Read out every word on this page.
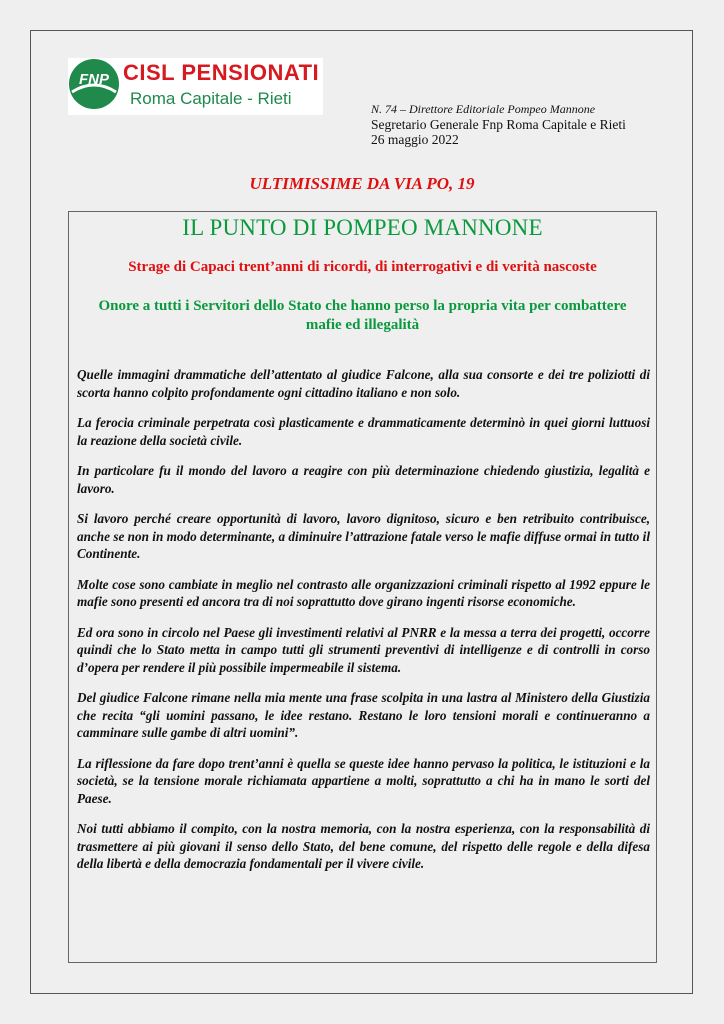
FNP CISL PENSIONATI
Roma Capitale - Rieti
N. 74 – Direttore Editoriale Pompeo Mannone
Segretario Generale Fnp Roma Capitale e Rieti
26 maggio 2022
ULTIMISSIME DA VIA PO, 19
IL PUNTO DI POMPEO MANNONE
Strage di Capaci trent’anni di ricordi, di interrogativi e di verità nascoste
Onore a tutti i Servitori dello Stato che hanno perso la propria vita per combattere mafie ed illegalità

Quelle immagini drammatiche dell’attentato al giudice Falcone, alla sua consorte e dei tre poliziotti di scorta hanno colpito profondamente ogni cittadino italiano e non solo.

La ferocia criminale perpetrata così plasticamente e drammaticamente determinò in quei giorni luttuosi la reazione della società civile.

In particolare fu il mondo del lavoro a reagire con più determinazione chiedendo giustizia, legalità e lavoro.

Si lavoro perché creare opportunità di lavoro, lavoro dignitoso, sicuro e ben retribuito contribuisce, anche se non in modo determinante, a diminuire l’attrazione fatale verso le mafie diffuse ormai in tutto il Continente.

Molte cose sono cambiate in meglio nel contrasto alle organizzazioni criminali rispetto al 1992 eppure le mafie sono presenti ed ancora tra di noi soprattutto dove girano ingenti risorse economiche.

Ed ora sono in circolo nel Paese gli investimenti relativi al PNRR e la messa a terra dei progetti, occorre quindi che lo Stato metta in campo tutti gli strumenti preventivi di intelligenze e di controlli in corso d’opera per rendere il più possibile impermeabile il sistema.

Del giudice Falcone rimane nella mia mente una frase scolpita in una lastra al Ministero della Giustizia che recita “gli uomini passano, le idee restano. Restano le loro tensioni morali e continueranno a camminare sulle gambe di altri uomini”.

La riflessione da fare dopo trent’anni è quella se queste idee hanno pervaso la politica, le istituzioni e la società, se la tensione morale richiamata appartiene a molti, soprattutto a chi ha in mano le sorti del Paese.

Noi tutti abbiamo il compito, con la nostra memoria, con la nostra esperienza, con la responsabilità di trasmettere ai più giovani il senso dello Stato, del bene comune, del rispetto delle regole e della difesa della libertà e della democrazia fondamentali per il vivere civile.
